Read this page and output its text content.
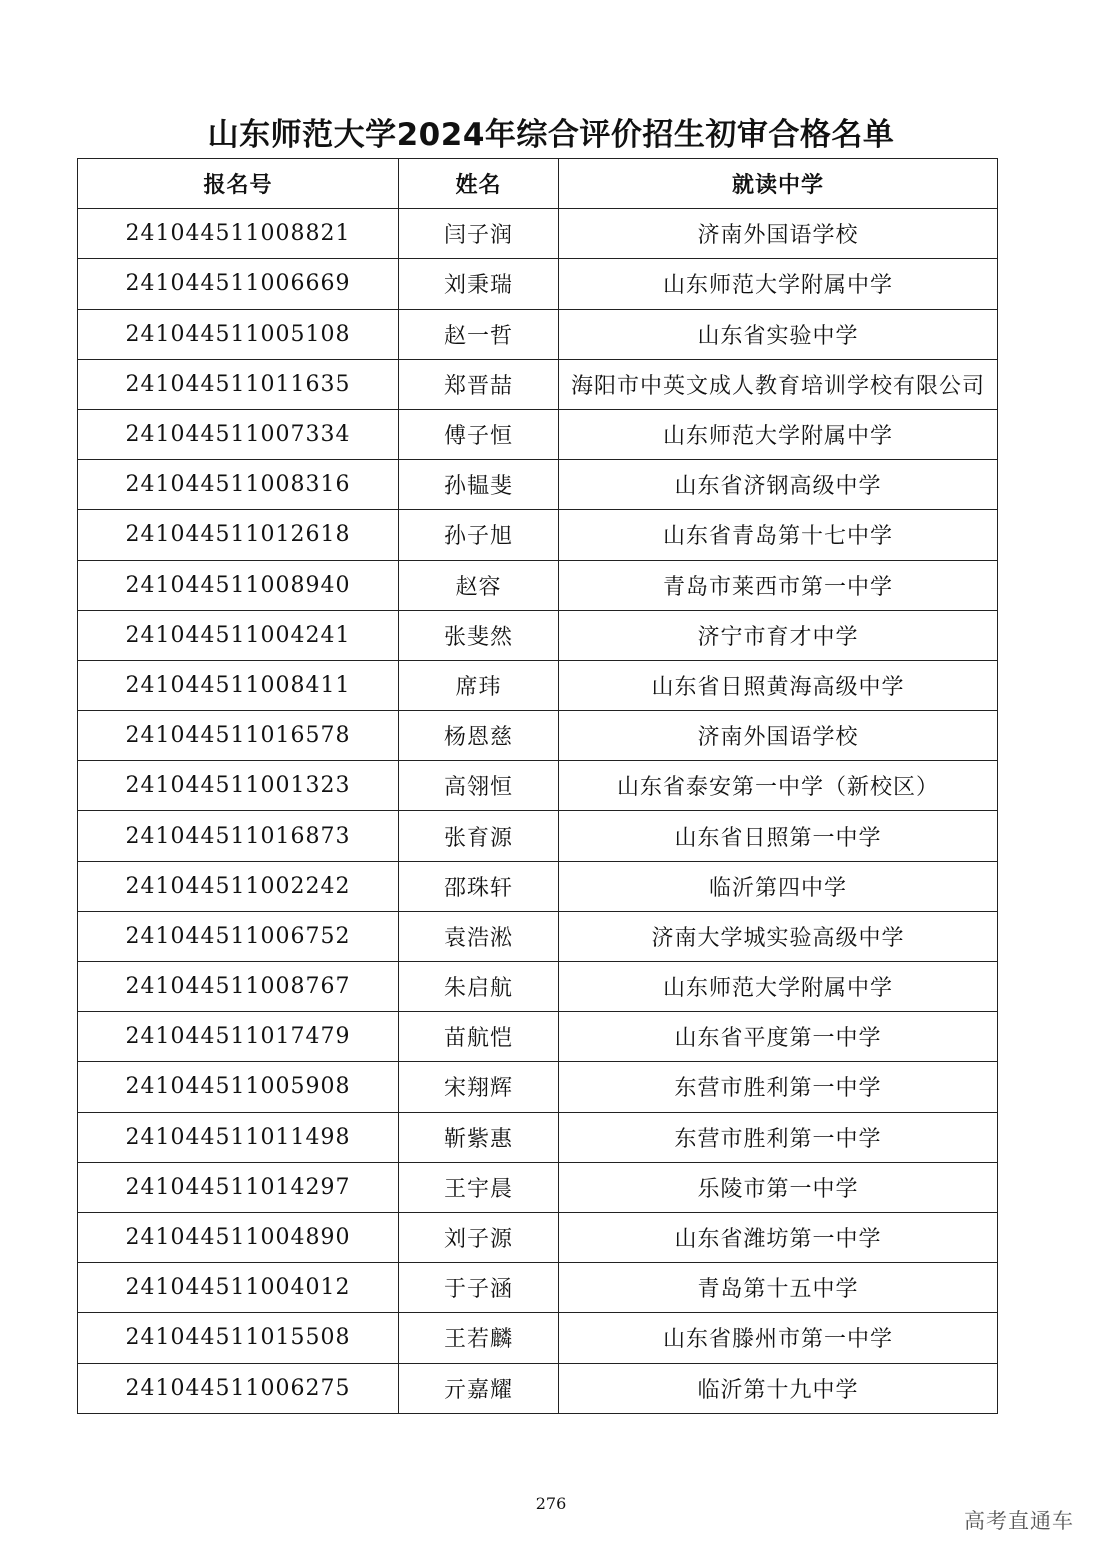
山东师范大学2024年综合评价招生初审合格名单
报名号	姓名	就读中学
241044511008821	闫子润	济南外国语学校
241044511006669	刘秉瑞	山东师范大学附属中学
241044511005108	赵一哲	山东省实验中学
241044511011635	郑晋喆	海阳市中英文成人教育培训学校有限公司
241044511007334	傅子恒	山东师范大学附属中学
241044511008316	孙韫斐	山东省济钢高级中学
241044511012618	孙子旭	山东省青岛第十七中学
241044511008940	赵容	青岛市莱西市第一中学
241044511004241	张斐然	济宁市育才中学
241044511008411	席玮	山东省日照黄海高级中学
241044511016578	杨恩慈	济南外国语学校
241044511001323	高翎恒	山东省泰安第一中学（新校区）
241044511016873	张育源	山东省日照第一中学
241044511002242	邵珠轩	临沂第四中学
241044511006752	袁浩淞	济南大学城实验高级中学
241044511008767	朱启航	山东师范大学附属中学
241044511017479	苗航恺	山东省平度第一中学
241044511005908	宋翔辉	东营市胜利第一中学
241044511011498	靳紫惠	东营市胜利第一中学
241044511014297	王宇晨	乐陵市第一中学
241044511004890	刘子源	山东省潍坊第一中学
241044511004012	于子涵	青岛第十五中学
241044511015508	王若麟	山东省滕州市第一中学
241044511006275	亓嘉耀	临沂第十九中学
276
高考直通车
